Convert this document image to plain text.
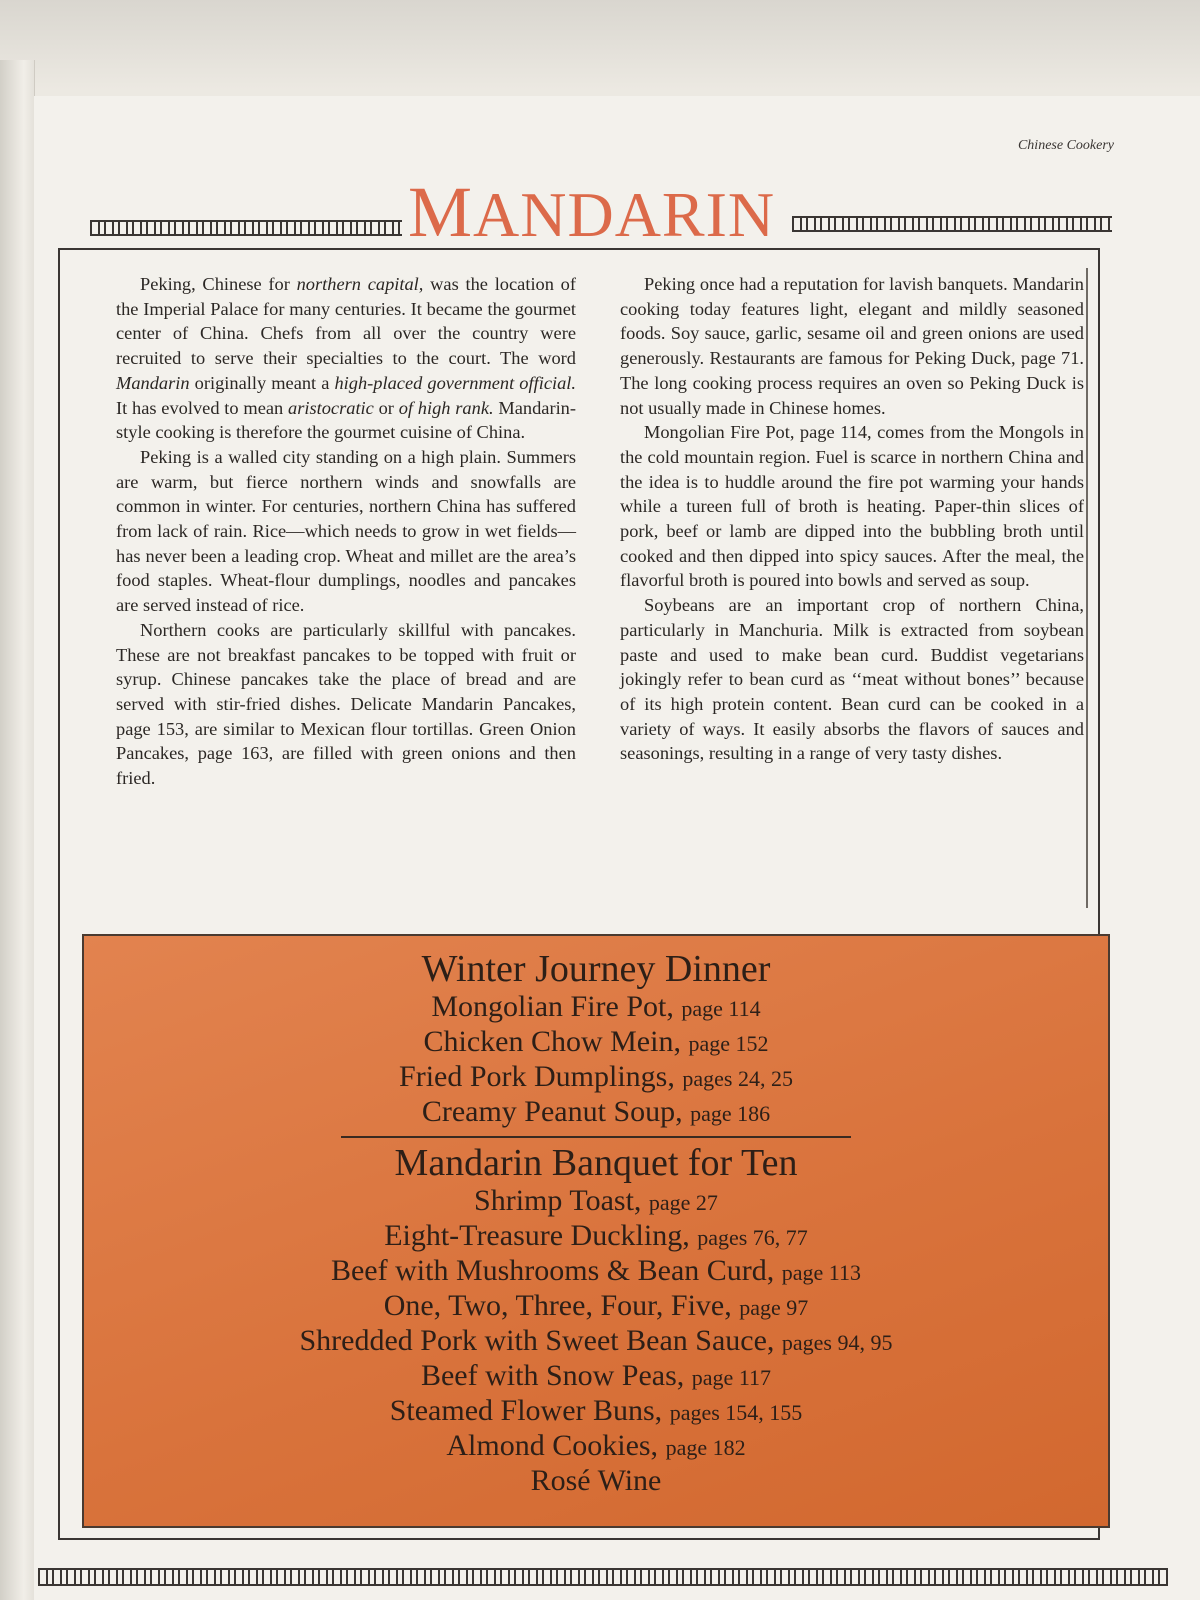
Chinese Cookery
MANDARIN

Peking, Chinese for northern capital, was the location of the Imperial Palace for many centuries. It became the gourmet center of China. Chefs from all over the country were recruited to serve their specialties to the court. The word Mandarin originally meant a high-placed government official. It has evolved to mean aristocratic or of high rank. Mandarin-style cooking is therefore the gourmet cuisine of China.

Peking is a walled city standing on a high plain. Summers are warm, but fierce northern winds and snowfalls are common in winter. For centuries, northern China has suffered from lack of rain. Rice—which needs to grow in wet fields—has never been a leading crop. Wheat and millet are the area’s food staples. Wheat-flour dumplings, noodles and pancakes are served instead of rice.

Northern cooks are particularly skillful with pancakes. These are not breakfast pancakes to be topped with fruit or syrup. Chinese pancakes take the place of bread and are served with stir-fried dishes. Delicate Mandarin Pancakes, page 153, are similar to Mexican flour tortillas. Green Onion Pancakes, page 163, are filled with green onions and then fried.

Peking once had a reputation for lavish banquets. Mandarin cooking today features light, elegant and mildly seasoned foods. Soy sauce, garlic, sesame oil and green onions are used generously. Restaurants are famous for Peking Duck, page 71. The long cooking process requires an oven so Peking Duck is not usually made in Chinese homes.

Mongolian Fire Pot, page 114, comes from the Mongols in the cold mountain region. Fuel is scarce in northern China and the idea is to huddle around the fire pot warming your hands while a tureen full of broth is heating. Paper-thin slices of pork, beef or lamb are dipped into the bubbling broth until cooked and then dipped into spicy sauces. After the meal, the flavorful broth is poured into bowls and served as soup.

Soybeans are an important crop of northern China, particularly in Manchuria. Milk is extracted from soybean paste and used to make bean curd. Buddist vegetarians jokingly refer to bean curd as ‘‘meat without bones’’ because of its high protein content. Bean curd can be cooked in a variety of ways. It easily absorbs the flavors of sauces and seasonings, resulting in a range of very tasty dishes.

Winter Journey Dinner
Mongolian Fire Pot, page 114
Chicken Chow Mein, page 152
Fried Pork Dumplings, pages 24, 25
Creamy Peanut Soup, page 186
Mandarin Banquet for Ten
Shrimp Toast, page 27
Eight-Treasure Duckling, pages 76, 77
Beef with Mushrooms & Bean Curd, page 113
One, Two, Three, Four, Five, page 97
Shredded Pork with Sweet Bean Sauce, pages 94, 95
Beef with Snow Peas, page 117
Steamed Flower Buns, pages 154, 155
Almond Cookies, page 182
Rosé Wine
